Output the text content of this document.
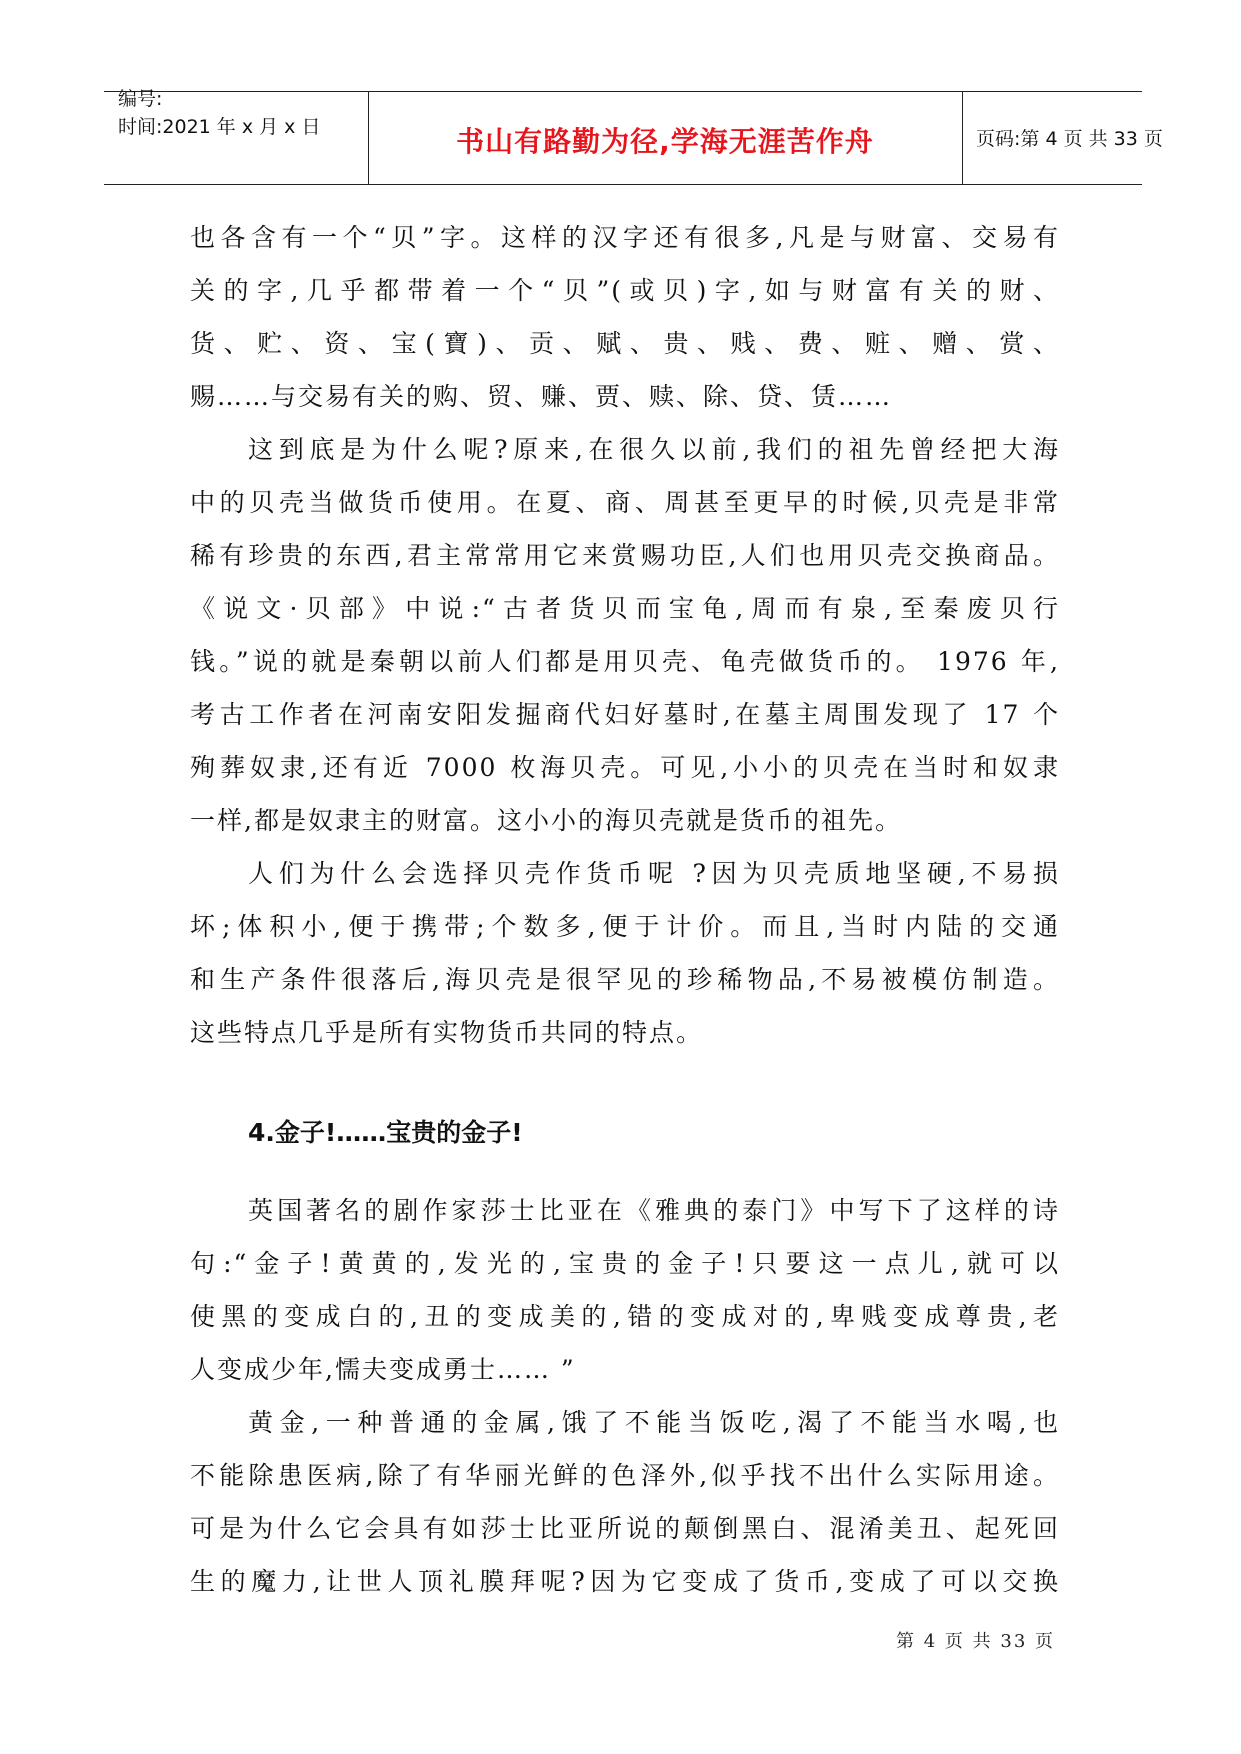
编号:
时间:2021 年 x 月 x 日	书山有路勤为径,学海无涯苦作舟	页码:第 4 页 共 33 页
也各含有一个“贝”字。这样的汉字还有很多,凡是与财富、交易有
关的字,几乎都带着一个“贝”(或贝)字,如与财富有关的财、
货、贮、资、宝(寶)、贡、赋、贵、贱、费、赃、赠、赏、
赐……与交易有关的购、贸、赚、贾、赎、除、贷、赁……
这到底是为什么呢?原来,在很久以前,我们的祖先曾经把大海
中的贝壳当做货币使用。在夏、商、周甚至更早的时候,贝壳是非常
稀有珍贵的东西,君主常常用它来赏赐功臣,人们也用贝壳交换商品。
《说文·贝部》中说:“古者货贝而宝龟,周而有泉,至秦废贝行
钱。”说的就是秦朝以前人们都是用贝壳、龟壳做货币的。 1976 年,
考古工作者在河南安阳发掘商代妇好墓时,在墓主周围发现了 17 个
殉葬奴隶,还有近 7000 枚海贝壳。可见,小小的贝壳在当时和奴隶
一样,都是奴隶主的财富。这小小的海贝壳就是货币的祖先。
人们为什么会选择贝壳作货币呢 ?因为贝壳质地坚硬,不易损
坏;体积小,便于携带;个数多,便于计价。而且,当时内陆的交通
和生产条件很落后,海贝壳是很罕见的珍稀物品,不易被模仿制造。
这些特点几乎是所有实物货币共同的特点。
4.金子!……宝贵的金子!
英国著名的剧作家莎士比亚在《雅典的泰门》中写下了这样的诗
句:“金子!黄黄的,发光的,宝贵的金子!只要这一点儿,就可以
使黑的变成白的,丑的变成美的,错的变成对的,卑贱变成尊贵,老
人变成少年,懦夫变成勇士…… ”
黄金,一种普通的金属,饿了不能当饭吃,渴了不能当水喝,也
不能除患医病,除了有华丽光鲜的色泽外,似乎找不出什么实际用途。
可是为什么它会具有如莎士比亚所说的颠倒黑白、混淆美丑、起死回
生的魔力,让世人顶礼膜拜呢?因为它变成了货币,变成了可以交换
第 4 页 共 33 页
